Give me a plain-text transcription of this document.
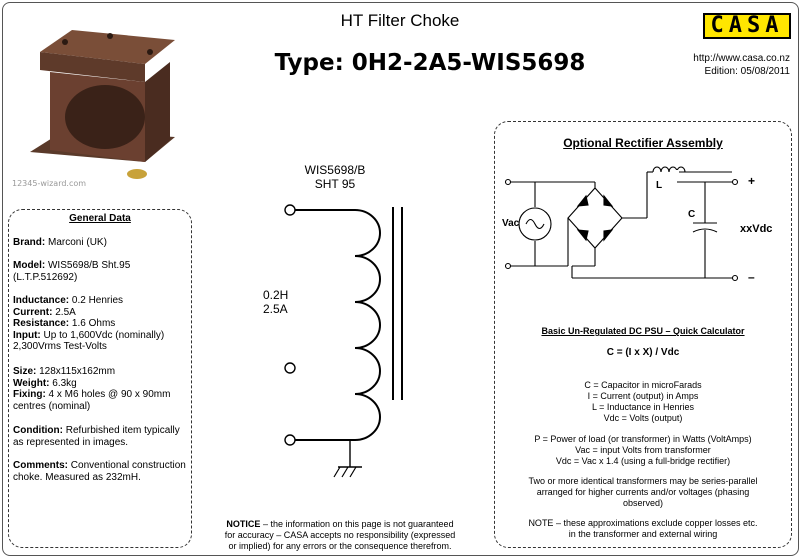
12345-wizard.com
HT Filter Choke
Type: 0H2-2A5-WIS5698
CASA
http://www.casa.co.nz
Edition: 05/08/2011
WIS5698/B
SHT 95
0.2H
2.5A
General Data
Brand: Marconi (UK)
Model: WIS5698/B Sht.95
(L.T.P.512692)
Inductance: 0.2 Henries
Current: 2.5A
Resistance: 1.6 Ohms
Input: Up to 1,600Vdc (nominally)
2,300Vrms Test-Volts
Size: 128x115x162mm
Weight: 6.3kg
Fixing: 4 x M6 holes @ 90 x 90mm
centres (nominal)
Condition: Refurbished item typically
as represented in images.
Comments: Conventional construction
choke. Measured as 232mH.
Optional Rectifier Assembly
Vac
L
C
xxVdc
+
–
Basic Un-Regulated DC PSU – Quick Calculator
C = (I x X) / Vdc
C = Capacitor in microFarads
I = Current (output) in Amps
L = Inductance in Henries
Vdc = Volts (output)
P = Power of load (or transformer) in Watts (VoltAmps)
Vac = input Volts from transformer
Vdc = Vac x 1.4 (using a full-bridge rectifier)
Two or more identical transformers may be series-parallel
arranged for higher currents and/or voltages (phasing
observed)
NOTE – these approximations exclude copper losses etc.
in the transformer and external wiring
NOTICE – the information on this page is not guaranteed
for accuracy – CASA accepts no responsibility (expressed
or implied) for any errors or the consequence therefrom.
